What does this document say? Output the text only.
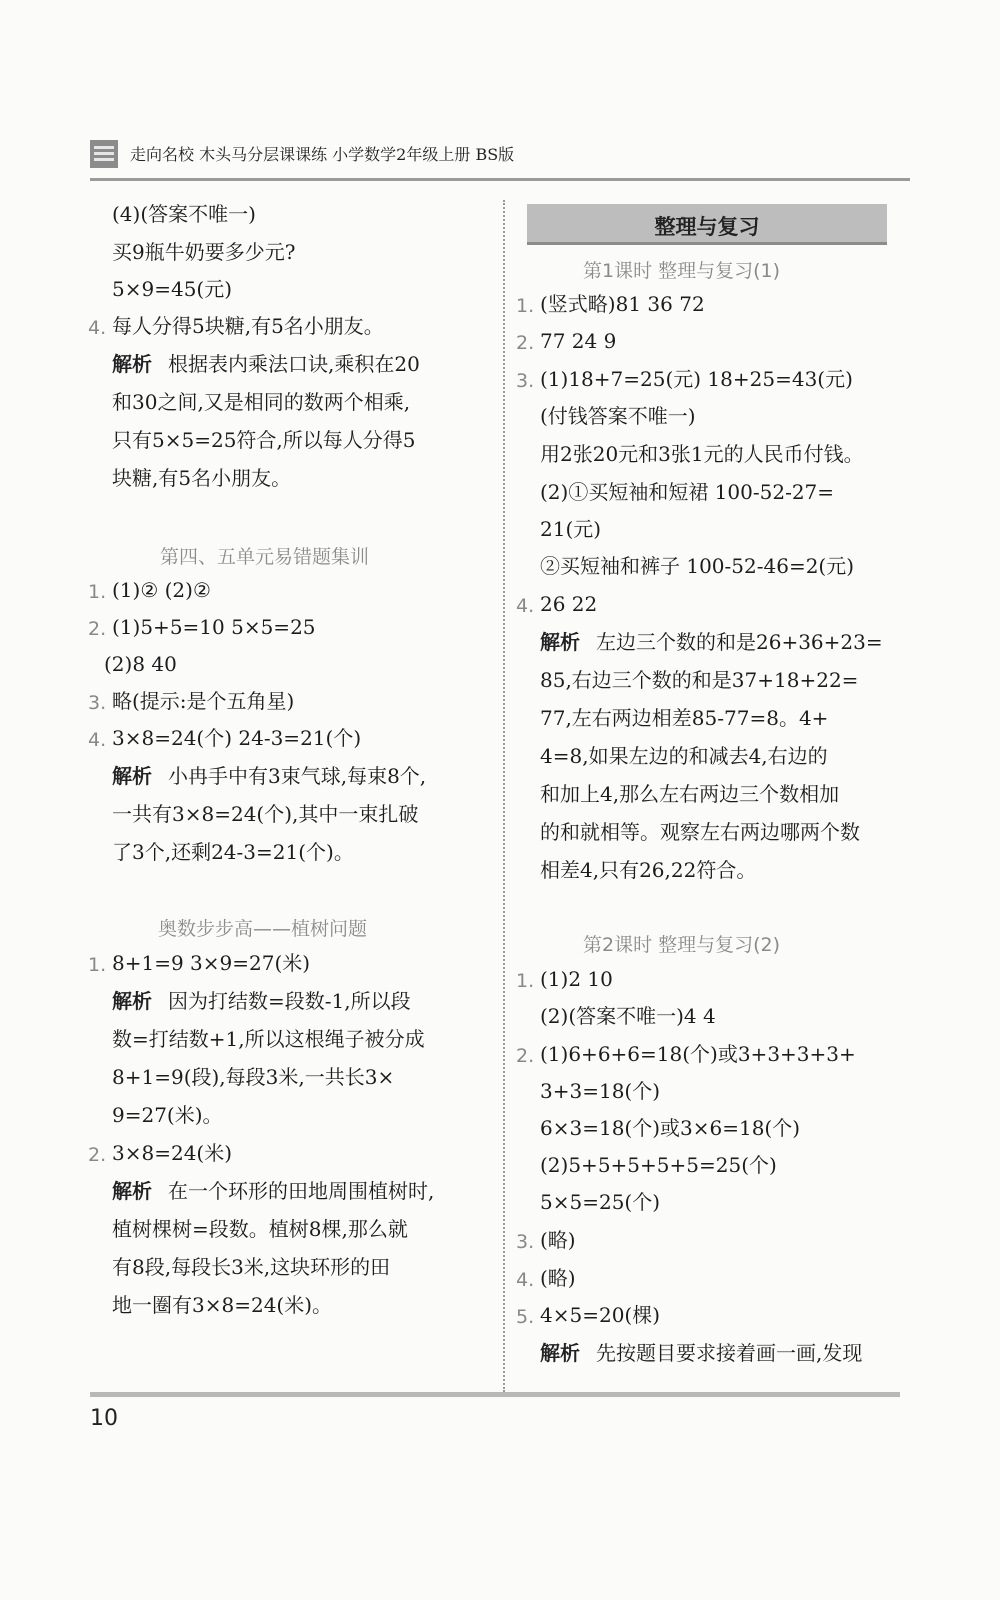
走向名校 木头马分层课课练 小学数学2年级上册 BS版
(4)(答案不唯一)
买9瓶牛奶要多少元?
5×9=45(元)
4. 每人分得5块糖,有5名小朋友。
解析 根据表内乘法口诀,乘积在20
和30之间,又是相同的数两个相乘,
只有5×5=25符合,所以每人分得5
块糖,有5名小朋友。
第四、五单元易错题集训
1. (1)② (2)②
2. (1)5+5=10 5×5=25
(2)8 40
3. 略(提示:是个五角星)
4. 3×8=24(个) 24-3=21(个)
解析 小冉手中有3束气球,每束8个,
一共有3×8=24(个),其中一束扎破
了3个,还剩24-3=21(个)。
奥数步步高——植树问题
1. 8+1=9 3×9=27(米)
解析 因为打结数=段数-1,所以段
数=打结数+1,所以这根绳子被分成
8+1=9(段),每段3米,一共长3×
9=27(米)。
2. 3×8=24(米)
解析 在一个环形的田地周围植树时,
植树棵树=段数。植树8棵,那么就
有8段,每段长3米,这块环形的田
地一圈有3×8=24(米)。
整理与复习
第1课时 整理与复习(1)
1. (竖式略)81 36 72
2. 77 24 9
3. (1)18+7=25(元) 18+25=43(元)
(付钱答案不唯一)
用2张20元和3张1元的人民币付钱。
(2)①买短袖和短裙 100-52-27=
21(元)
②买短袖和裤子 100-52-46=2(元)
4. 26 22
解析 左边三个数的和是26+36+23=
85,右边三个数的和是37+18+22=
77,左右两边相差85-77=8。4+
4=8,如果左边的和减去4,右边的
和加上4,那么左右两边三个数相加
的和就相等。观察左右两边哪两个数
相差4,只有26,22符合。
第2课时 整理与复习(2)
1. (1)2 10
(2)(答案不唯一)4 4
2. (1)6+6+6=18(个)或3+3+3+3+
3+3=18(个)
6×3=18(个)或3×6=18(个)
(2)5+5+5+5+5=25(个)
5×5=25(个)
3. (略)
4. (略)
5. 4×5=20(棵)
解析 先按题目要求接着画一画,发现
10
